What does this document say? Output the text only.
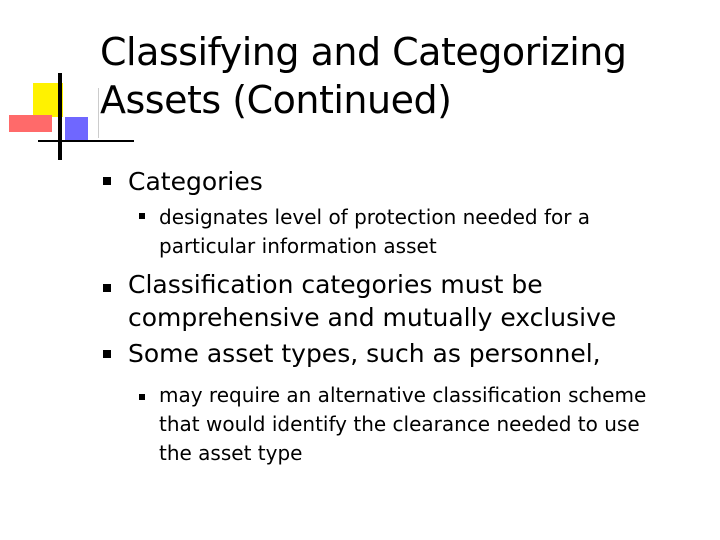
Classifying and Categorizing
Assets (Continued)
Categories
designates level of protection needed for a
particular information asset
Classification categories must be
comprehensive and mutually exclusive
Some asset types, such as personnel,
may require an alternative classification scheme
that would identify the clearance needed to use
the asset type
